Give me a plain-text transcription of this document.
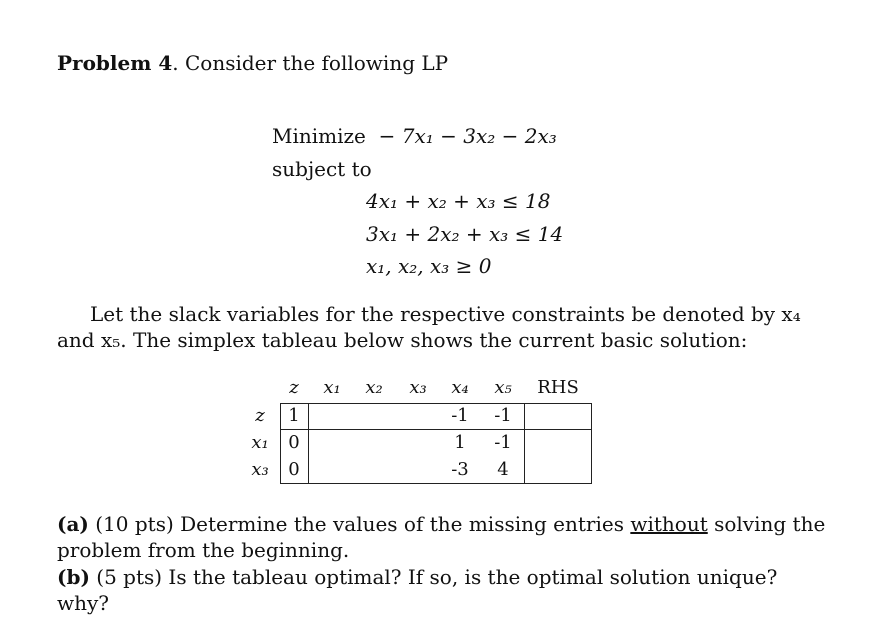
Problem 4. Consider the following LP
Minimize − 7x₁ − 3x₂ − 2x₃
subject to
4x₁ + x₂ + x₃ ≤ 18
3x₁ + 2x₂ + x₃ ≤ 14
x₁, x₂, x₃ ≥ 0
Let the slack variables for the respective constraints be denoted by x₄
and x₅. The simplex tableau below shows the current basic solution:
z x₁ x₂ x₃ x₄ x₅	RHS
z
x₁
x₃
1
0
0
-1
1
-3
-1
-1
4
(a) (10 pts) Determine the values of the missing entries without solving the
problem from the beginning.
(b) (5 pts) Is the tableau optimal? If so, is the optimal solution unique?
why?
